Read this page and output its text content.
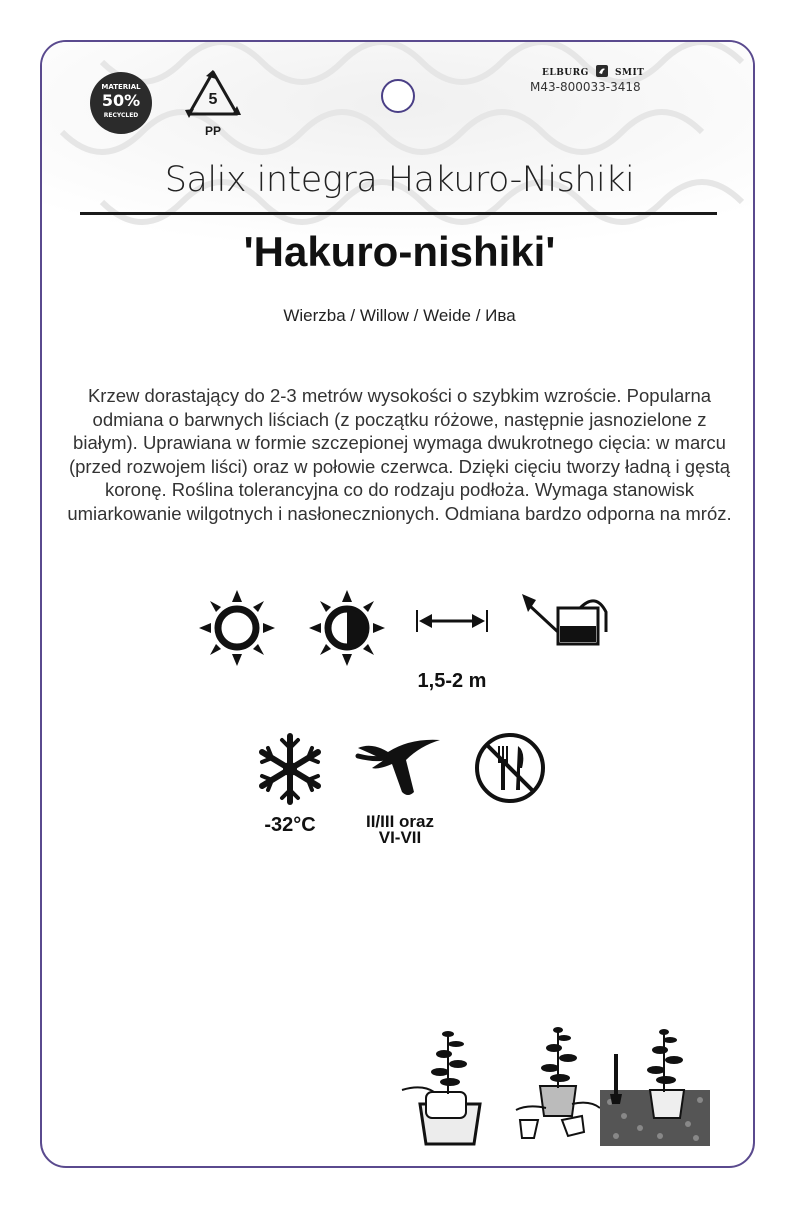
MATERIAL
50%
RECYCLED
5
PP
ELBURG	SMIT
M43-800033-3418
Salix integra Hakuro-Nishiki
'Hakuro-nishiki'
Wierzba / Willow / Weide / Ива
Krzew dorastający do 2-3 metrów wysokości o szybkim wzroście. Popularna odmiana o barwnych liściach (z początku różowe, następnie jasnozielone z białym). Uprawiana w formie szczepionej wymaga dwukrotnego cięcia: w marcu (przed rozwojem liści) oraz w połowie czerwca. Dzięki cięciu tworzy ładną i gęstą koronę. Roślina tolerancyjna co do rodzaju podłoża. Wymaga stanowisk umiarkowanie wilgotnych i nasłonecznionych. Odmiana bardzo odporna na mróz.
1,5-2 m
-32°C	II/III oraz
VI-VII
